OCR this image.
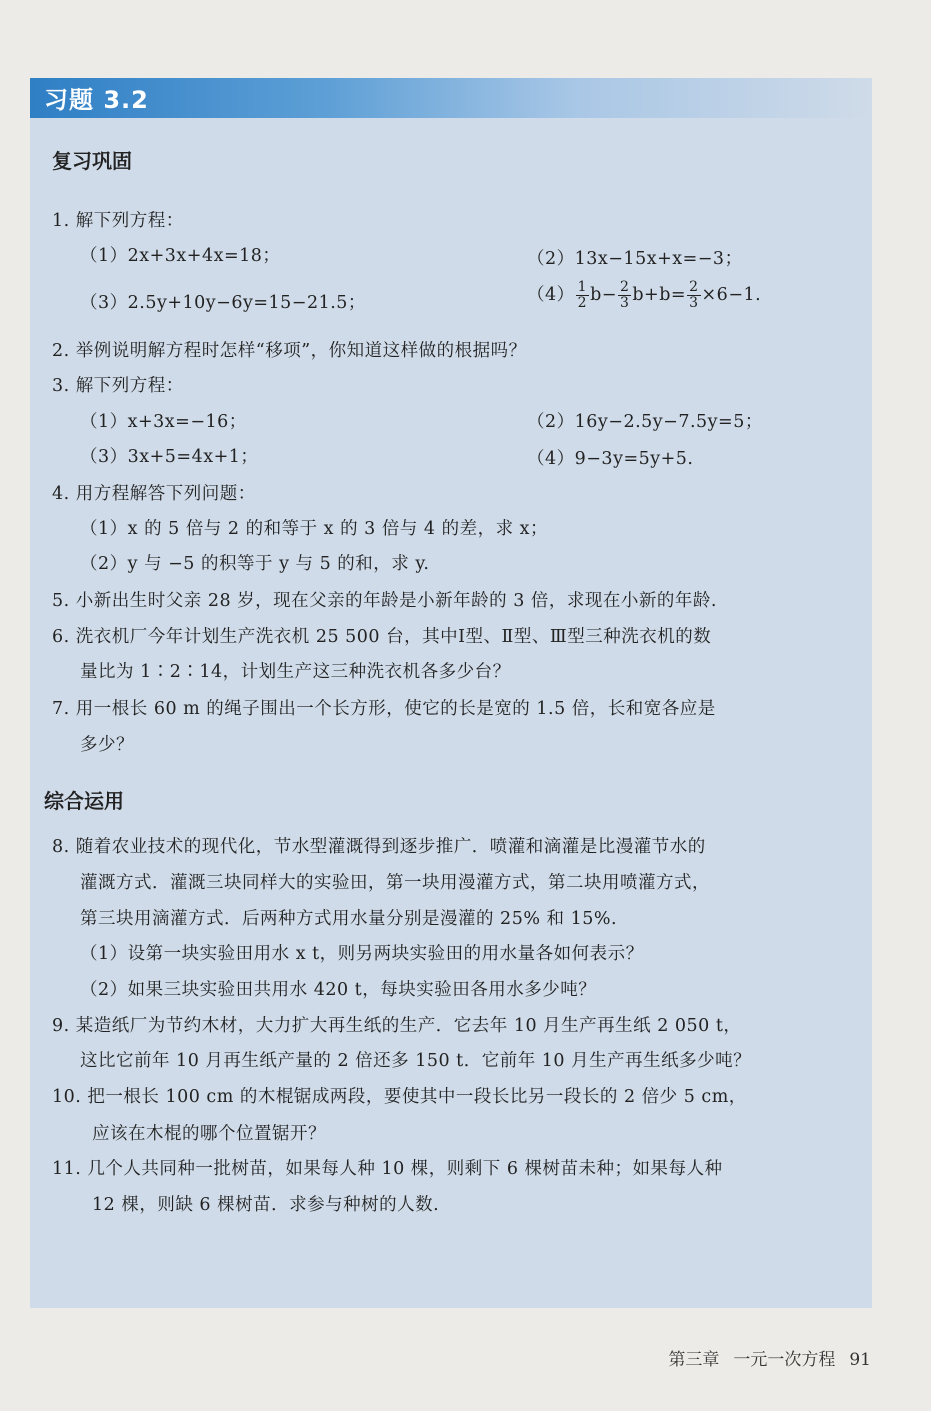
习题 3.2
复习巩固
1. 解下列方程：
（1）2x+3x+4x=18；	（2）13x−15x+x=−3；
（3）2.5y+10y−6y=15−21.5；	$(4) \frac{1}{2} b- \frac{2}{3} b+b= \frac{2}{3} \times 6-1$.
2. 举例说明解方程时怎样“移项”，你知道这样做的根据吗？
3. 解下列方程：
（1）x+3x=−16；	（2）16y−2.5y−7.5y=5；
（3）3x+5=4x+1；	（4）9−3y=5y+5.
4. 用方程解答下列问题：
（1）x 的 5 倍与 2 的和等于 x 的 3 倍与 4 的差，求 x；
（2）y 与 −5 的积等于 y 与 5 的和，求 y.
5. 小新出生时父亲 28 岁，现在父亲的年龄是小新年龄的 3 倍，求现在小新的年龄.
6. 洗衣机厂今年计划生产洗衣机 25 500 台，其中Ⅰ型、Ⅱ型、Ⅲ型三种洗衣机的数
量比为 1∶2∶14，计划生产这三种洗衣机各多少台？
7. 用一根长 60 m 的绳子围出一个长方形，使它的长是宽的 1.5 倍，长和宽各应是
多少？
综合运用
8. 随着农业技术的现代化，节水型灌溉得到逐步推广．喷灌和滴灌是比漫灌节水的
灌溉方式．灌溉三块同样大的实验田，第一块用漫灌方式，第二块用喷灌方式，
第三块用滴灌方式．后两种方式用水量分别是漫灌的 25% 和 15%.
（1）设第一块实验田用水 x t，则另两块实验田的用水量各如何表示？
（2）如果三块实验田共用水 420 t，每块实验田各用水多少吨？
9. 某造纸厂为节约木材，大力扩大再生纸的生产．它去年 10 月生产再生纸 2 050 t，
这比它前年 10 月再生纸产量的 2 倍还多 150 t．它前年 10 月生产再生纸多少吨？
10. 把一根长 100 cm 的木棍锯成两段，要使其中一段长比另一段长的 2 倍少 5 cm，
应该在木棍的哪个位置锯开？
11. 几个人共同种一批树苗，如果每人种 10 棵，则剩下 6 棵树苗未种；如果每人种
12 棵，则缺 6 棵树苗．求参与种树的人数.
第三章 一元一次方程 91
